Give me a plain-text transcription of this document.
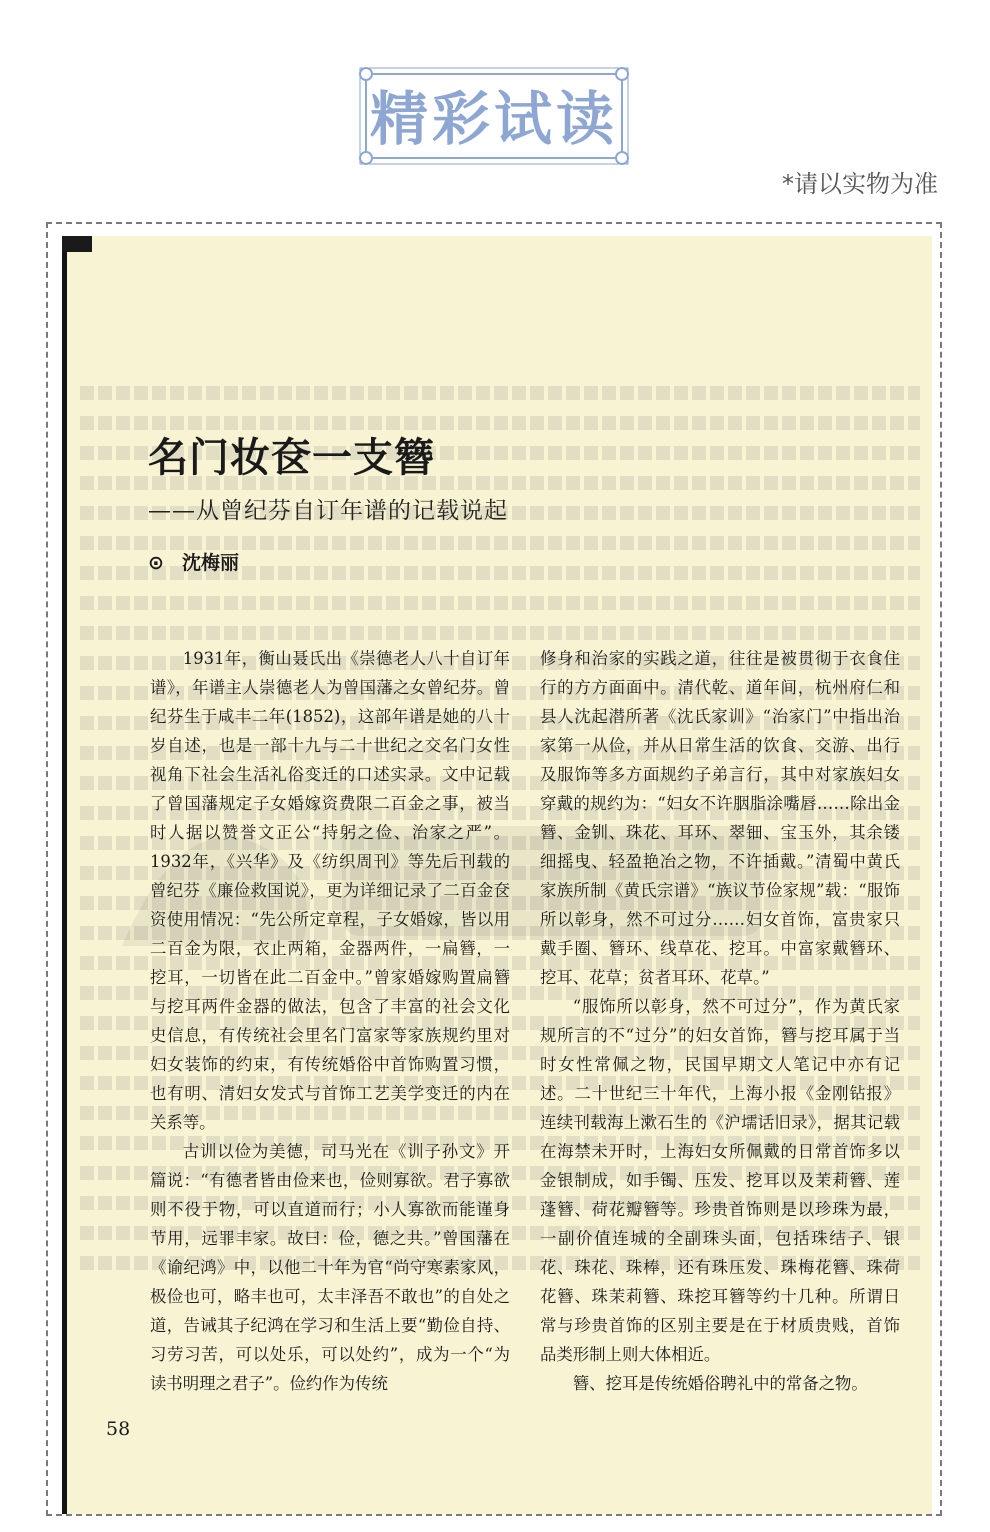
精彩试读
*请以实物为准
名门妆奁一支簪
——从曾纪芬自订年谱的记载说起
⊙ 沈梅丽

1931年，衡山聂氏出《崇德老人八十自订年谱》，年谱主人崇德老人为曾国藩之女曾纪芬。曾纪芬生于咸丰二年(1852)，这部年谱是她的八十岁自述，也是一部十九与二十世纪之交名门女性视角下社会生活礼俗变迁的口述实录。文中记载了曾国藩规定子女婚嫁资费限二百金之事，被当时人据以赞誉文正公“持躬之俭、治家之严”。1932年，《兴华》及《纺织周刊》等先后刊载的曾纪芬《廉俭救国说》，更为详细记录了二百金奁资使用情况：“先公所定章程，子女婚嫁，皆以用二百金为限，衣止两箱，金器两件，一扁簪，一挖耳，一切皆在此二百金中。”曾家婚嫁购置扁簪与挖耳两件金器的做法，包含了丰富的社会文化史信息，有传统社会里名门富家等家族规约里对妇女装饰的约束，有传统婚俗中首饰购置习惯，也有明、清妇女发式与首饰工艺美学变迁的内在关系等。

古训以俭为美德，司马光在《训子孙文》开篇说：“有德者皆由俭来也，俭则寡欲。君子寡欲则不役于物，可以直道而行；小人寡欲而能谨身节用，远罪丰家。故曰：俭，德之共。”曾国藩在《谕纪鸿》中，以他二十年为官“尚守寒素家风，极俭也可，略丰也可，太丰泽吾不敢也”的自处之道，告诫其子纪鸿在学习和生活上要“勤俭自持、习劳习苦，可以处乐，可以处约”，成为一个“为读书明理之君子”。俭约作为传统

修身和治家的实践之道，往往是被贯彻于衣食住行的方方面面中。清代乾、道年间，杭州府仁和县人沈起潜所著《沈氏家训》“治家门”中指出治家第一从俭，并从日常生活的饮食、交游、出行及服饰等多方面规约子弟言行，其中对家族妇女穿戴的规约为：“妇女不许胭脂涂嘴唇……除出金簪、金钏、珠花、耳环、翠钿、宝玉外，其余镂细摇曳、轻盈艳冶之物，不许插戴。”清蜀中黄氏家族所制《黄氏宗谱》“族议节俭家规”载：“服饰所以彰身，然不可过分……妇女首饰，富贵家只戴手圈、簪环、线草花、挖耳。中富家戴簪环、挖耳、花草；贫者耳环、花草。”

“服饰所以彰身，然不可过分”，作为黄氏家规所言的不“过分”的妇女首饰，簪与挖耳属于当时女性常佩之物，民国早期文人笔记中亦有记述。二十世纪三十年代，上海小报《金刚钻报》连续刊载海上漱石生的《沪壖话旧录》，据其记载在海禁未开时，上海妇女所佩戴的日常首饰多以金银制成，如手镯、压发、挖耳以及茉莉簪、莲蓬簪、荷花瓣簪等。珍贵首饰则是以珍珠为最，一副价值连城的全副珠头面，包括珠结子、银花、珠花、珠棒，还有珠压发、珠梅花簪、珠荷花簪、珠茉莉簪、珠挖耳簪等约十几种。所谓日常与珍贵首饰的区别主要是在于材质贵贱，首饰品类形制上则大体相近。

簪、挖耳是传统婚俗聘礼中的常备之物。

58
